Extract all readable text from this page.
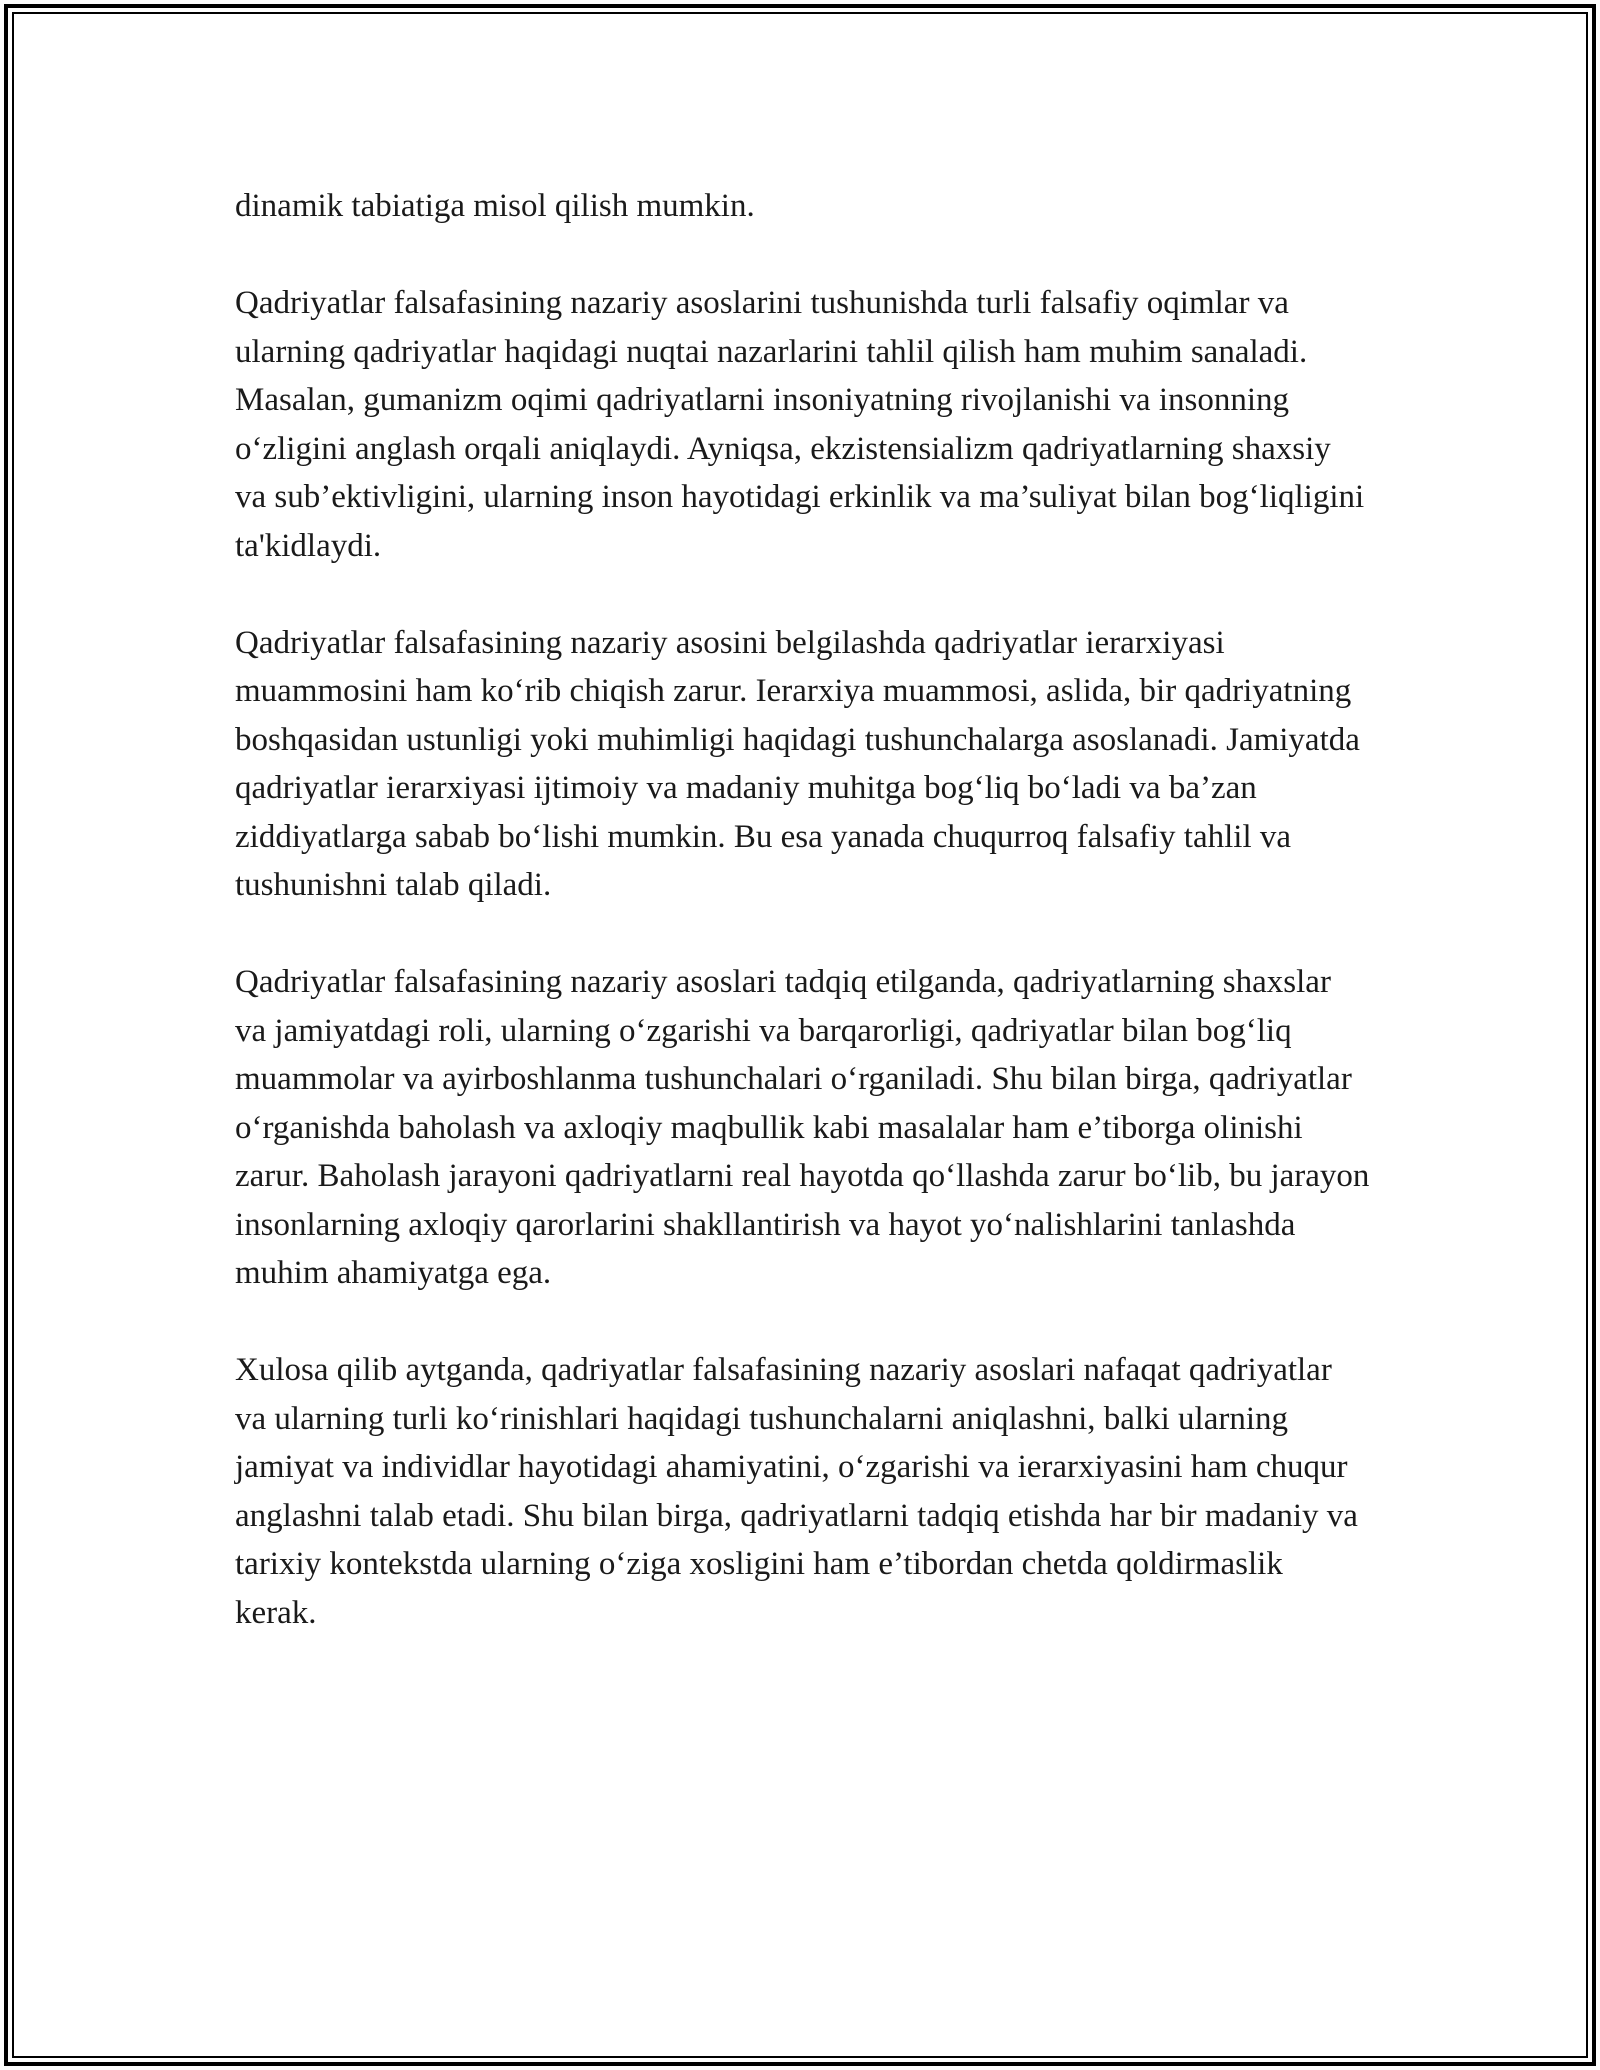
dinamik tabiatiga misol qilish mumkin.

Qadriyatlar falsafasining nazariy asoslarini tushunishda turli falsafiy oqimlar va ularning qadriyatlar haqidagi nuqtai nazarlarini tahlil qilish ham muhim sanaladi. Masalan, gumanizm oqimi qadriyatlarni insoniyatning rivojlanishi va insonning o‘zligini anglash orqali aniqlaydi. Ayniqsa, ekzistensializm qadriyatlarning shaxsiy va sub’ektivligini, ularning inson hayotidagi erkinlik va ma’suliyat bilan bog‘liqligini ta'kidlaydi.

Qadriyatlar falsafasining nazariy asosini belgilashda qadriyatlar ierarxiyasi muammosini ham ko‘rib chiqish zarur. Ierarxiya muammosi, aslida, bir qadriyatning boshqasidan ustunligi yoki muhimligi haqidagi tushunchalarga asoslanadi. Jamiyatda qadriyatlar ierarxiyasi ijtimoiy va madaniy muhitga bog‘liq bo‘ladi va ba’zan ziddiyatlarga sabab bo‘lishi mumkin. Bu esa yanada chuqurroq falsafiy tahlil va tushunishni talab qiladi.

Qadriyatlar falsafasining nazariy asoslari tadqiq etilganda, qadriyatlarning shaxslar va jamiyatdagi roli, ularning o‘zgarishi va barqarorligi, qadriyatlar bilan bog‘liq muammolar va ayirboshlanma tushunchalari o‘rganiladi. Shu bilan birga, qadriyatlar o‘rganishda baholash va axloqiy maqbullik kabi masalalar ham e’tiborga olinishi zarur. Baholash jarayoni qadriyatlarni real hayotda qo‘llashda zarur bo‘lib, bu jarayon insonlarning axloqiy qarorlarini shakllantirish va hayot yo‘nalishlarini tanlashda muhim ahamiyatga ega.

Xulosa qilib aytganda, qadriyatlar falsafasining nazariy asoslari nafaqat qadriyatlar va ularning turli ko‘rinishlari haqidagi tushunchalarni aniqlashni, balki ularning jamiyat va individlar hayotidagi ahamiyatini, o‘zgarishi va ierarxiyasini ham chuqur anglashni talab etadi. Shu bilan birga, qadriyatlarni tadqiq etishda har bir madaniy va tarixiy kontekstda ularning o‘ziga xosligini ham e’tibordan chetda qoldirmaslik kerak.
